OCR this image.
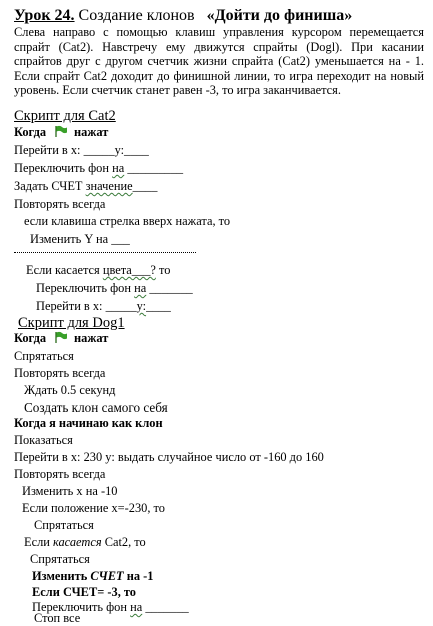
Урок 24. Создание клонов «Дойти до финиша»
Слева направо с помощью клавиш управления курсором перемещается спрайт (Cat2). Навстречу ему движутся спрайты (Dogl). При касании спрайтов друг с другом счетчик жизни спрайта (Cat2) уменьшается на - 1. Если спрайт Cat2 доходит до финишной линии, то игра переходит на новый уровень. Если счетчик станет равен -3, то игра заканчивается.
Скрипт для Cat2
Когда нажат
Перейти в х: _____у:____
Переключить фон на _________
Задать СЧЕТ значение____
Повторять всегда
если клавиша стрелка вверх нажата, то
Изменить Y на ___
Если касается цвета___? то
Переключить фон на _______
Перейти в х: _____у:____
Скрипт для Dog1
Когда нажат
Спрятаться
Повторять всегда
Ждать 0.5 секунд
Создать клон самого себя
Когда я начинаю как клон
Показаться
Перейти в х: 230 у: выдать случайное число от -160 до 160
Повторять всегда
Изменить х на -10
Если положение х=-230, то
Спрятаться
Если касается Cat2, то
Спрятаться
Изменить СЧЕТ на -1
Если СЧЕТ= -3, то
Переключить фон на _______
Стоп все
